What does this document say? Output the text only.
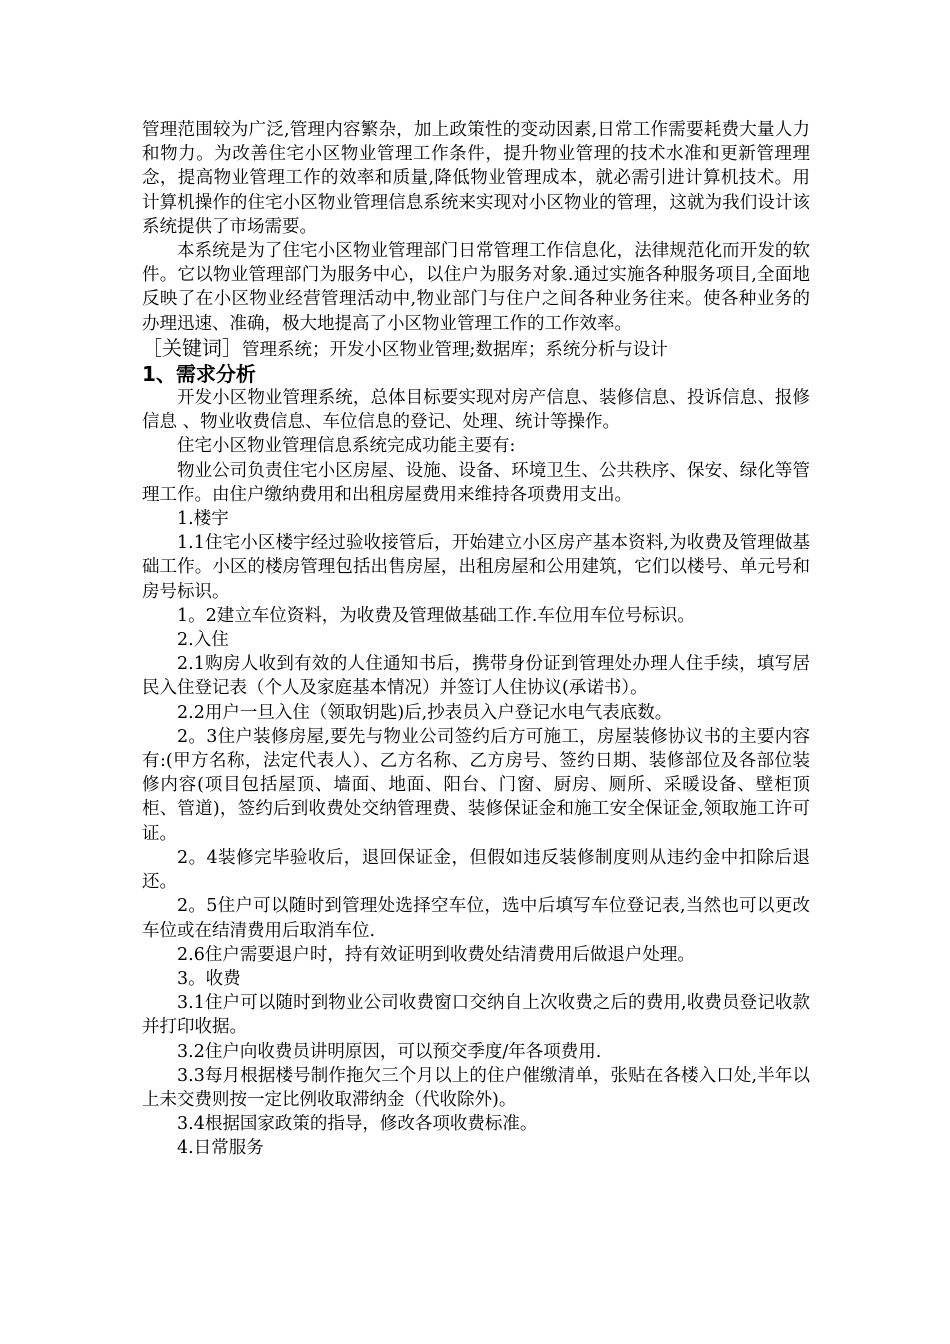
管理范围较为广泛,管理内容繁杂，加上政策性的变动因素,日常工作需要耗费大量人力和物力。为改善住宅小区物业管理工作条件，提升物业管理的技术水准和更新管理理念，提高物业管理工作的效率和质量,降低物业管理成本，就必需引进计算机技术。用计算机操作的住宅小区物业管理信息系统来实现对小区物业的管理，这就为我们设计该系统提供了市场需要。

本系统是为了住宅小区物业管理部门日常管理工作信息化，法律规范化而开发的软件。它以物业管理部门为服务中心，以住户为服务对象.通过实施各种服务项目,全面地反映了在小区物业经营管理活动中,物业部门与住户之间各种业务往来。使各种业务的办理迅速、准确，极大地提高了小区物业管理工作的工作效率。

［关键词］管理系统；开发小区物业管理;数据库；系统分析与设计

1、需求分析

开发小区物业管理系统，总体目标要实现对房产信息、装修信息、投诉信息、报修信息 、物业收费信息、车位信息的登记、处理、统计等操作。

住宅小区物业管理信息系统完成功能主要有:

物业公司负责住宅小区房屋、设施、设备、环境卫生、公共秩序、保安、绿化等管理工作。由住户缴纳费用和出租房屋费用来维持各项费用支出。

1.楼宇

1.1住宅小区楼宇经过验收接管后，开始建立小区房产基本资料,为收费及管理做基础工作。小区的楼房管理包括出售房屋，出租房屋和公用建筑，它们以楼号、单元号和房号标识。

1。2建立车位资料，为收费及管理做基础工作.车位用车位号标识。

2.入住

2.1购房人收到有效的人住通知书后，携带身份证到管理处办理人住手续，填写居民入住登记表（个人及家庭基本情况）并签订人住协议(承诺书）。

2.2用户一旦入住（领取钥匙)后,抄表员入户登记水电气表底数。

2。3住户装修房屋,要先与物业公司签约后方可施工，房屋装修协议书的主要内容有:(甲方名称，法定代表人）、乙方名称、乙方房号、签约日期、装修部位及各部位装修内容(项目包括屋顶、墙面、地面、阳台、门窗、厨房、厕所、采暖设备、壁柜顶柜、管道)，签约后到收费处交纳管理费、装修保证金和施工安全保证金,领取施工许可证。

2。4装修完毕验收后，退回保证金，但假如违反装修制度则从违约金中扣除后退还。

2。5住户可以随时到管理处选择空车位，选中后填写车位登记表,当然也可以更改车位或在结清费用后取消车位.

2.6住户需要退户时，持有效证明到收费处结清费用后做退户处理。

3。收费

3.1住户可以随时到物业公司收费窗口交纳自上次收费之后的费用,收费员登记收款并打印收据。

3.2住户向收费员讲明原因，可以预交季度/年各项费用.

3.3每月根据楼号制作拖欠三个月以上的住户催缴清单，张贴在各楼入口处,半年以上未交费则按一定比例收取滞纳金（代收除外)。

3.4根据国家政策的指导，修改各项收费标准。

4.日常服务
